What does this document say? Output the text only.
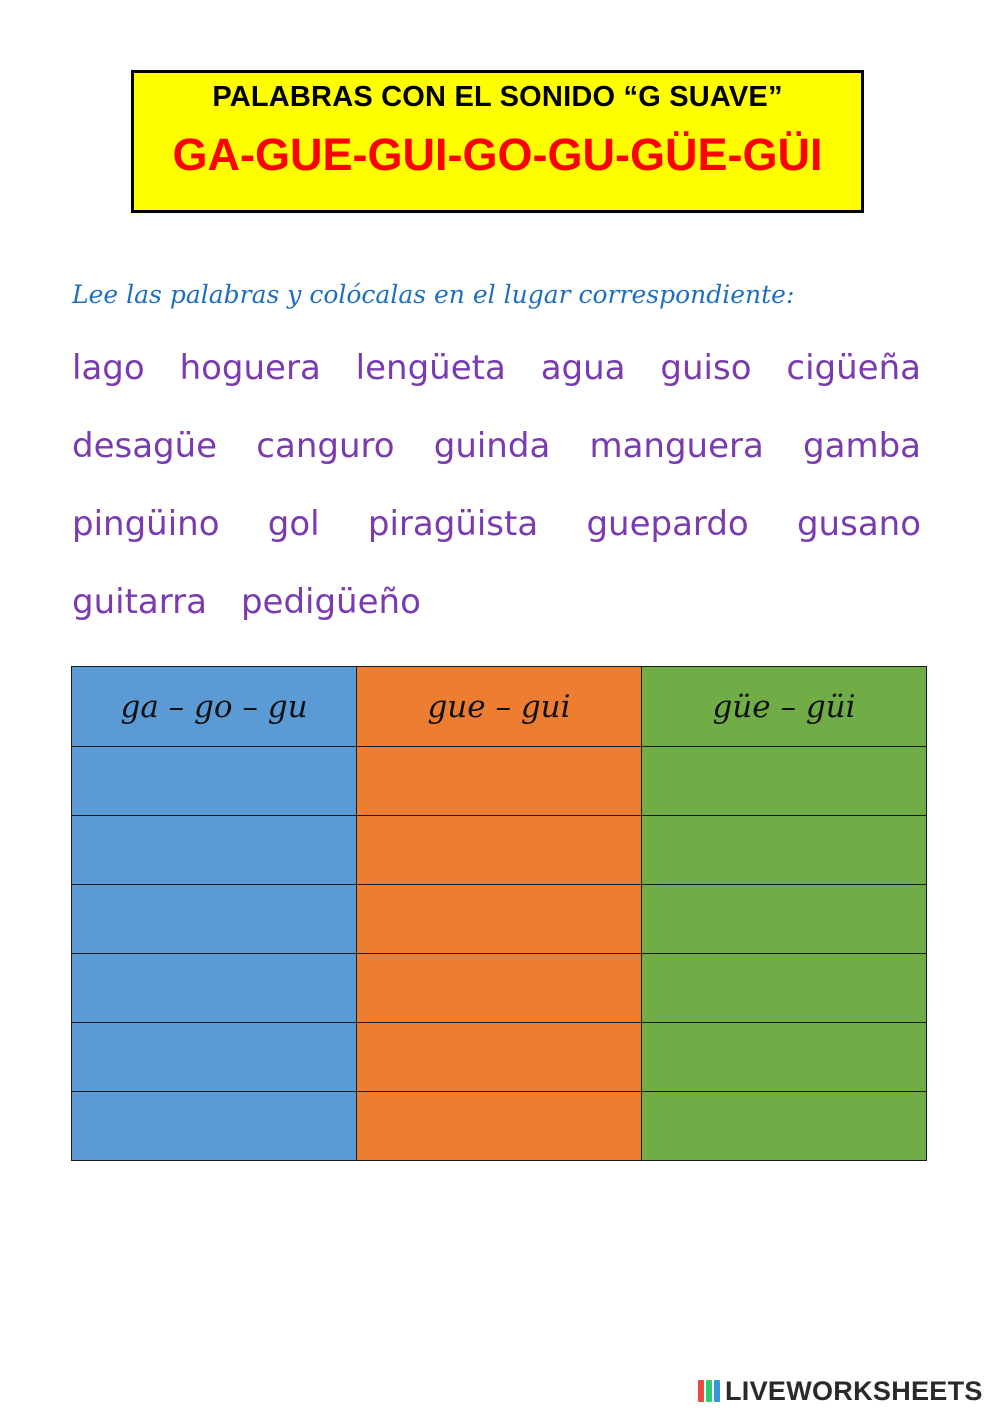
PALABRAS CON EL SONIDO “G SUAVE”
GA-GUE-GUI-GO-GU-GÜE-GÜI
Lee las palabras y colócalas en el lugar correspondiente:
lago hoguera lengüeta agua guiso cigüeña
desagüe canguro guinda manguera gamba
pingüino gol piragüista guepardo gusano
guitarra pedigüeño
ga – go – gu	gue – gui	güe – güi

LIVEWORKSHEETS
